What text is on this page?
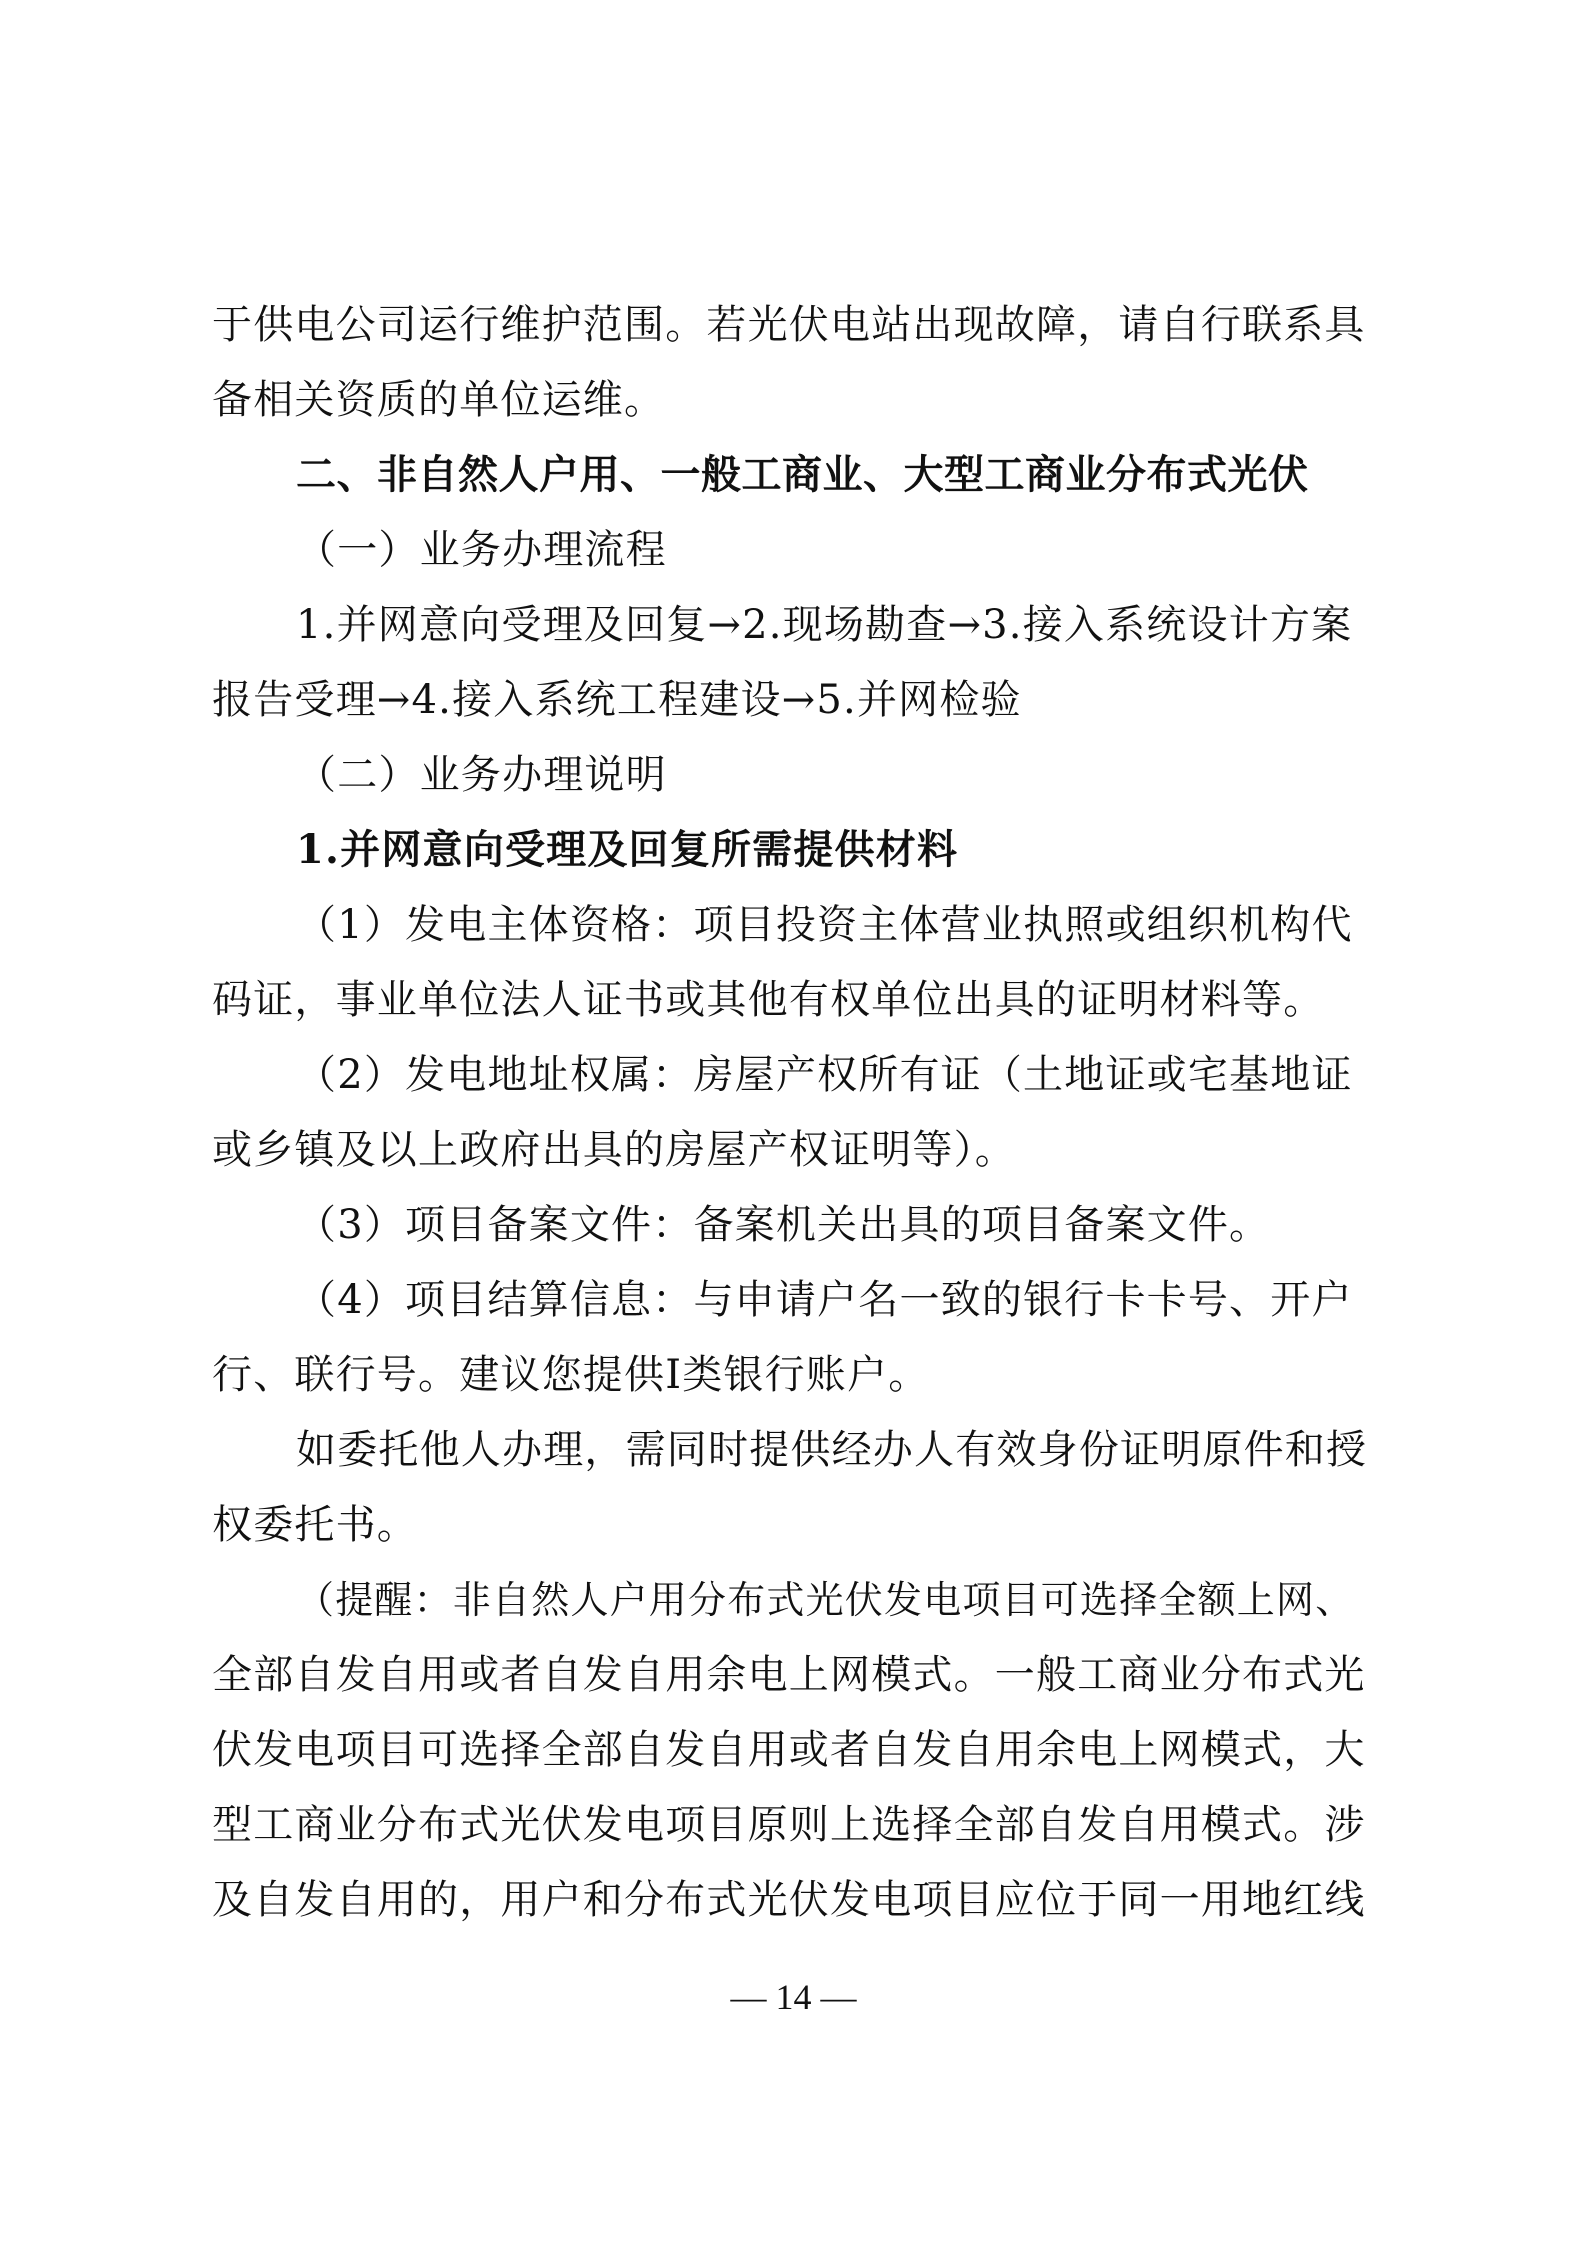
于供电公司运行维护范围。若光伏电站出现故障，请自行联系具
备相关资质的单位运维。
二、非自然人户用、一般工商业、大型工商业分布式光伏
（一）业务办理流程
1.并网意向受理及回复→2.现场勘查→3.接入系统设计方案
报告受理→4.接入系统工程建设→5.并网检验
（二）业务办理说明
1.并网意向受理及回复所需提供材料
（1）发电主体资格：项目投资主体营业执照或组织机构代
码证，事业单位法人证书或其他有权单位出具的证明材料等。
（2）发电地址权属：房屋产权所有证（土地证或宅基地证
或乡镇及以上政府出具的房屋产权证明等）。
（3）项目备案文件：备案机关出具的项目备案文件。
（4）项目结算信息：与申请户名一致的银行卡卡号、开户
行、联行号。建议您提供I类银行账户。
如委托他人办理，需同时提供经办人有效身份证明原件和授
权委托书。
（提醒：非自然人户用分布式光伏发电项目可选择全额上网、
全部自发自用或者自发自用余电上网模式。一般工商业分布式光
伏发电项目可选择全部自发自用或者自发自用余电上网模式，大
型工商业分布式光伏发电项目原则上选择全部自发自用模式。涉
及自发自用的，用户和分布式光伏发电项目应位于同一用地红线
— 14 —
